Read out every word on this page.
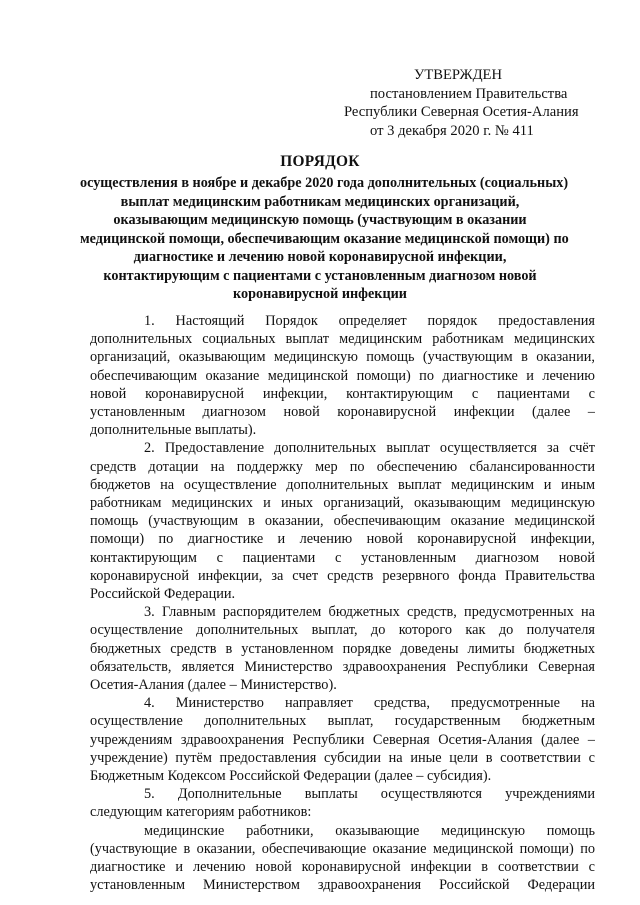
УТВЕРЖДЕН
постановлением Правительства
Республики Северная Осетия-Алания
от 3 декабря 2020 г. № 411
ПОРЯДОК
осуществления в ноябре и декабре 2020 года дополнительных (социальных)
выплат медицинским работникам медицинских организаций,
оказывающим медицинскую помощь (участвующим в оказании
медицинской помощи, обеспечивающим оказание медицинской помощи) по
диагностике и лечению новой коронавирусной инфекции,
контактирующим с пациентами с установленным диагнозом новой
коронавирусной инфекции
1. Настоящий Порядок определяет порядок предоставления
дополнительных социальных выплат медицинским работникам медицинских
организаций, оказывающим медицинскую помощь (участвующим в оказании,
обеспечивающим оказание медицинской помощи) по диагностике и лечению
новой коронавирусной инфекции, контактирующим с пациентами с
установленным диагнозом новой коронавирусной инфекции (далее –
дополнительные выплаты).
2. Предоставление дополнительных выплат осуществляется за счёт
средств дотации на поддержку мер по обеспечению сбалансированности
бюджетов на осуществление дополнительных выплат медицинским и иным
работникам медицинских и иных организаций, оказывающим медицинскую
помощь (участвующим в оказании, обеспечивающим оказание медицинской
помощи) по диагностике и лечению новой коронавирусной инфекции,
контактирующим с пациентами с установленным диагнозом новой
коронавирусной инфекции, за счет средств резервного фонда Правительства
Российской Федерации.
3. Главным распорядителем бюджетных средств, предусмотренных на
осуществление дополнительных выплат, до которого как до получателя
бюджетных средств в установленном порядке доведены лимиты бюджетных
обязательств, является Министерство здравоохранения Республики Северная
Осетия-Алания (далее – Министерство).
4. Министерство направляет средства, предусмотренные на
осуществление дополнительных выплат, государственным бюджетным
учреждениям здравоохранения Республики Северная Осетия-Алания (далее –
учреждение) путём предоставления субсидии на иные цели в соответствии с
Бюджетным Кодексом Российской Федерации (далее – субсидия).
5. Дополнительные выплаты осуществляются учреждениями
следующим категориям работников:
медицинские работники, оказывающие медицинскую помощь
(участвующие в оказании, обеспечивающие оказание медицинской помощи) по
диагностике и лечению новой коронавирусной инфекции в соответствии с
установленным Министерством здравоохранения Российской Федерации
